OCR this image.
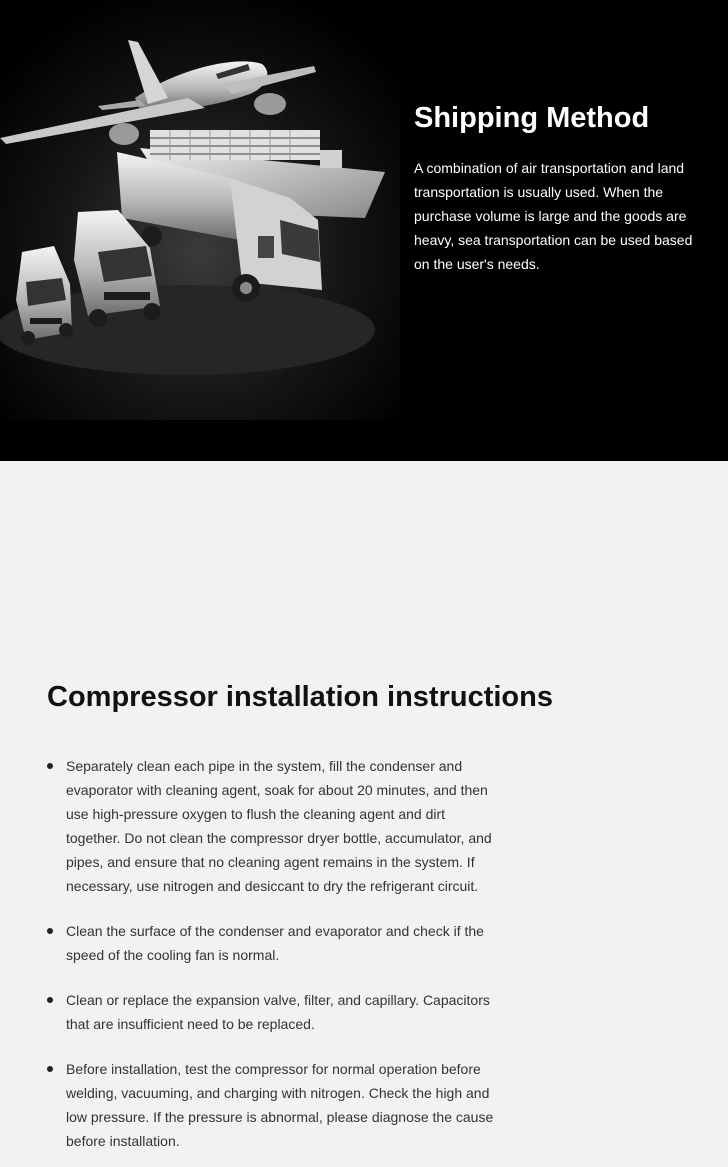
Shipping Method

A combination of air transportation and land transportation is usually used. When the purchase volume is large and the goods are heavy, sea transportation can be used based on the user's needs.

Compressor installation instructions
Separately clean each pipe in the system, fill the condenser and evaporator with cleaning agent, soak for about 20 minutes, and then use high-pressure oxygen to flush the cleaning agent and dirt together. Do not clean the compressor dryer bottle, accumulator, and pipes, and ensure that no cleaning agent remains in the system. If necessary, use nitrogen and desiccant to dry the refrigerant circuit.
Clean the surface of the condenser and evaporator and check if the speed of the cooling fan is normal.
Clean or replace the expansion valve, filter, and capillary. Capacitors that are insufficient need to be replaced.
Before installation, test the compressor for normal operation before welding, vacuuming, and charging with nitrogen. Check the high and low pressure. If the pressure is abnormal, please diagnose the cause before installation.
